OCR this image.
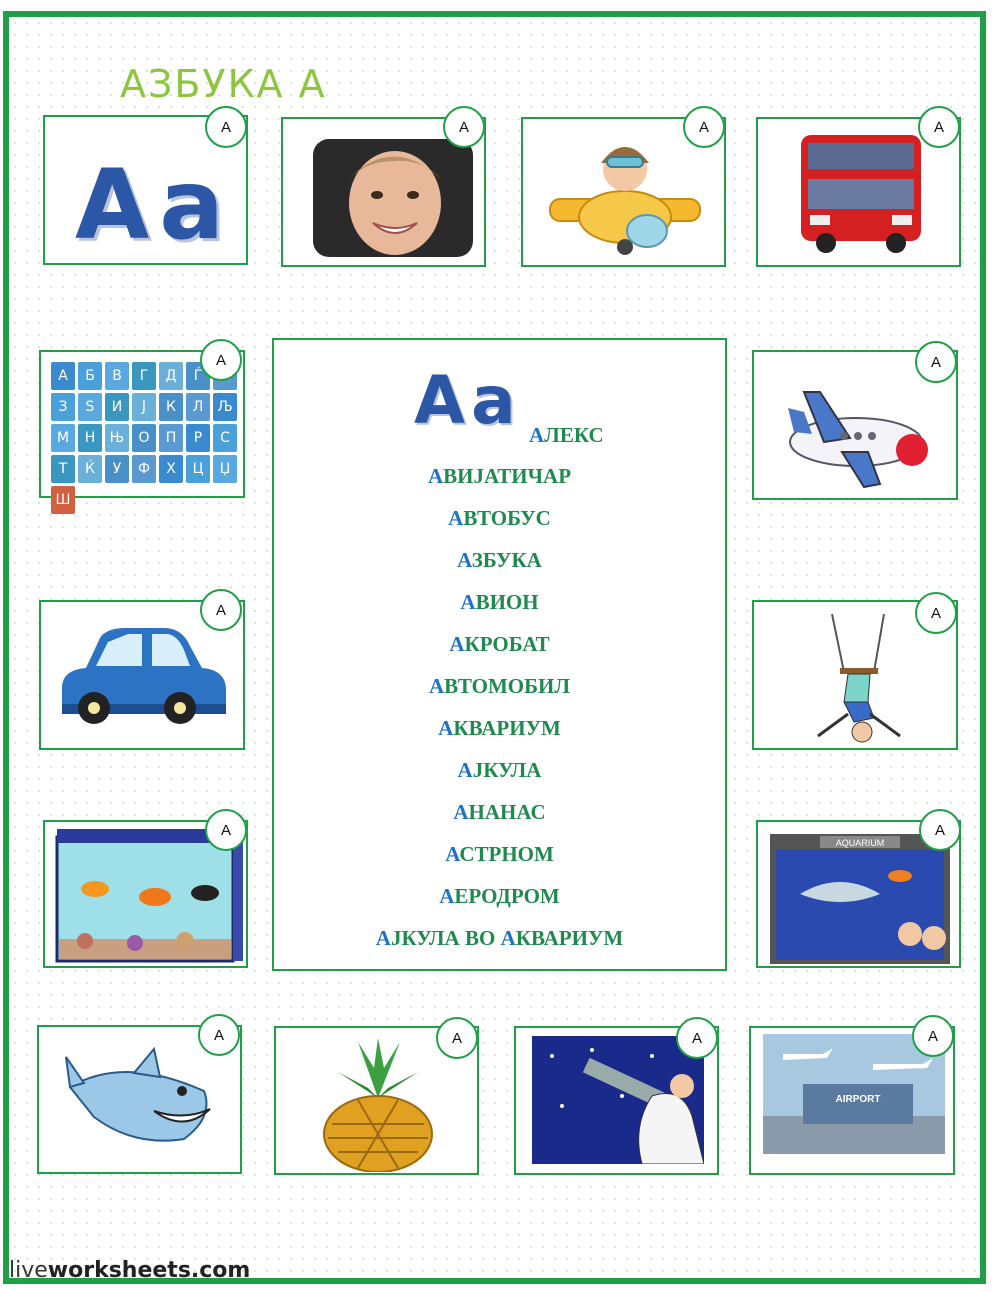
АЗБУКА А
Aa
А	Б	В	Г	Д	Ѓ
З	Ѕ	И	Ј	К	Л	Љ
М	Н	Њ	О	П	Р	С
Т	Ќ	У	Ф	Х	Ц	Џ
Ш
AQUARIUM
AIRPORT
Aa АЛЕКС
АВИЈАТИЧАР
АВТОБУС
АЗБУКА
АВИОН
АКРОБАТ
АВТОМОБИЛ
АКВАРИУМ
АЈКУЛА
АНАНАС
АСТРНОМ
АЕРОДРОМ
АЈКУЛА ВО АКВАРИУМ
А	А	А	А
А	А
А	А
А	А
А	А	А	А
liveworksheets.com
